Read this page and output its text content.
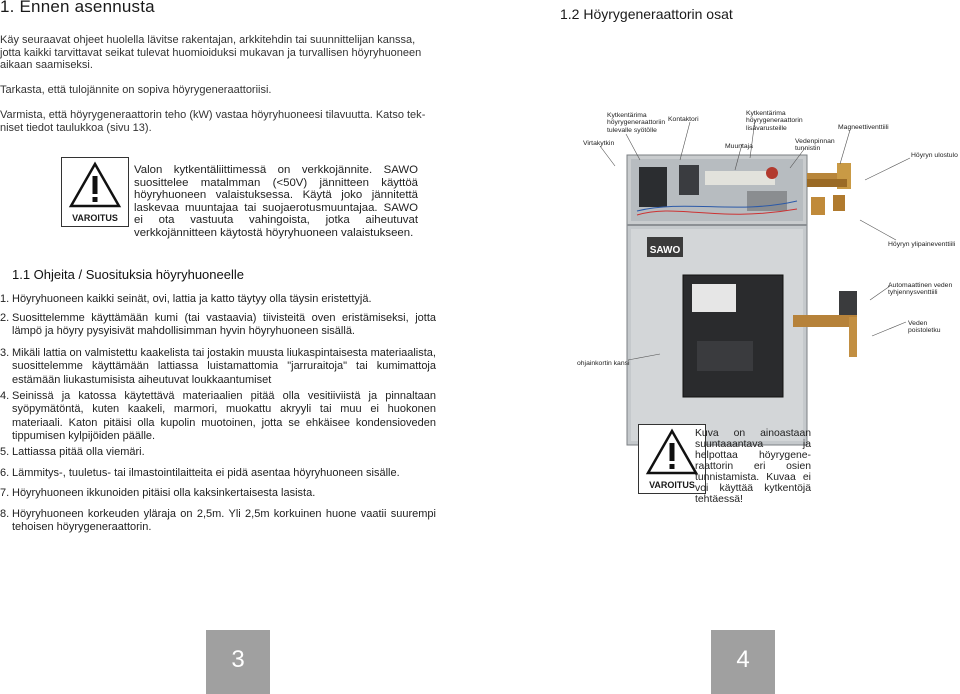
1. Ennen asennusta
Käy seuraavat ohjeet huolella lävitse rakentajan, arkkitehdin tai suunnittelijan kanssa, jotta kaikki tarvittavat seikat tulevat huomioiduksi mukavan ja turvallisen höyryhuoneen aikaan saamiseksi.
Tarkasta, että tulojännite on sopiva höyrygeneraattoriisi.
Varmista, että höyrygeneraattorin teho (kW) vastaa höyryhuoneesi tilavuutta. Katso tekniset tiedot taulukkoa (sivu 13).
VAROITUS
Valon kytkentäliittimessä on verkkojännite. SAWO suosittelee matalmman (<50V) jännitteen käyttöä höyryhuoneen valaistuksessa. Käytä joko jännitettä laskevaa muuntajaa tai suojaerotusmuuntajaa. SAWO ei ota vastuuta vahingoista, jotka aiheutuvat verkkojännitteen käytostä höyryhuoneen valaistukseen.
1.1 Ohjeita / Suosituksia höyryhuoneelle
1. Höyryhuoneen kaikki seinät, ovi, lattia ja katto täytyy olla täysin eristettyjä.
2. Suosittelemme käyttämään kumi (tai vastaavia) tiivisteitä oven eristämiseksi, jotta lämpö ja höyry pysyisivät mahdollisimman hyvin höyryhuoneen sisällä.
3. Mikäli lattia on valmistettu kaakelista tai jostakin muusta liukaspintaisesta materiaalista, suosittelemme käyttämään lattiassa luistamattomia "jarruraitoja" tai kumimattoja estämään liukastumisista aiheutuvat loukkaantumiset
4. Seinissä ja katossa käytettävä materiaalien pitää olla vesitiiviistä ja pinnaltaan syöpymätöntä, kuten kaakeli, marmori, muokattu akryyli tai muu ei huokonen materiaali. Katon pitäisi olla kupolin muotoinen, jotta se ehkäisee kondensioveden tippumisen kylpijöiden päälle.
5. Lattiassa pitää olla viemäri.
6. Lämmitys-, tuuletus- tai ilmastointilaitteita ei pidä asentaa höyryhuoneen sisälle.
7. Höyryhuoneen ikkunoiden pitäisi olla kaksinkertaisesta lasista.
8. Höyryhuoneen korkeuden yläraja on 2,5m. Yli 2,5m korkuinen huone vaatii suurempi tehoisen höyrygeneraattorin.
3
1.2 Höyrygeneraattorin osat
SAWO
Kytkentärima höyrygeneraattoriin tulevalle syötölle
Kontaktori
Kytkentärima höyrygeneraattorin lisävarusteille
Virtakytkin	Muuntaja
Vedenpinnan tunnistin
Magneettiventtiili
Höyryn ulostulo
Höyryn ylipaineventtiili
Automaattinen veden tyhjennysventtiili
Veden poistoletku
ohjainkortin kansi
VAROITUS
Kuva on ainoastaan suuntaaantava ja helpottaa höyrygeneraattorin eri osien tunnistamista. Kuvaa ei voi käyttää kytkentöjä tehtäessä!
4
